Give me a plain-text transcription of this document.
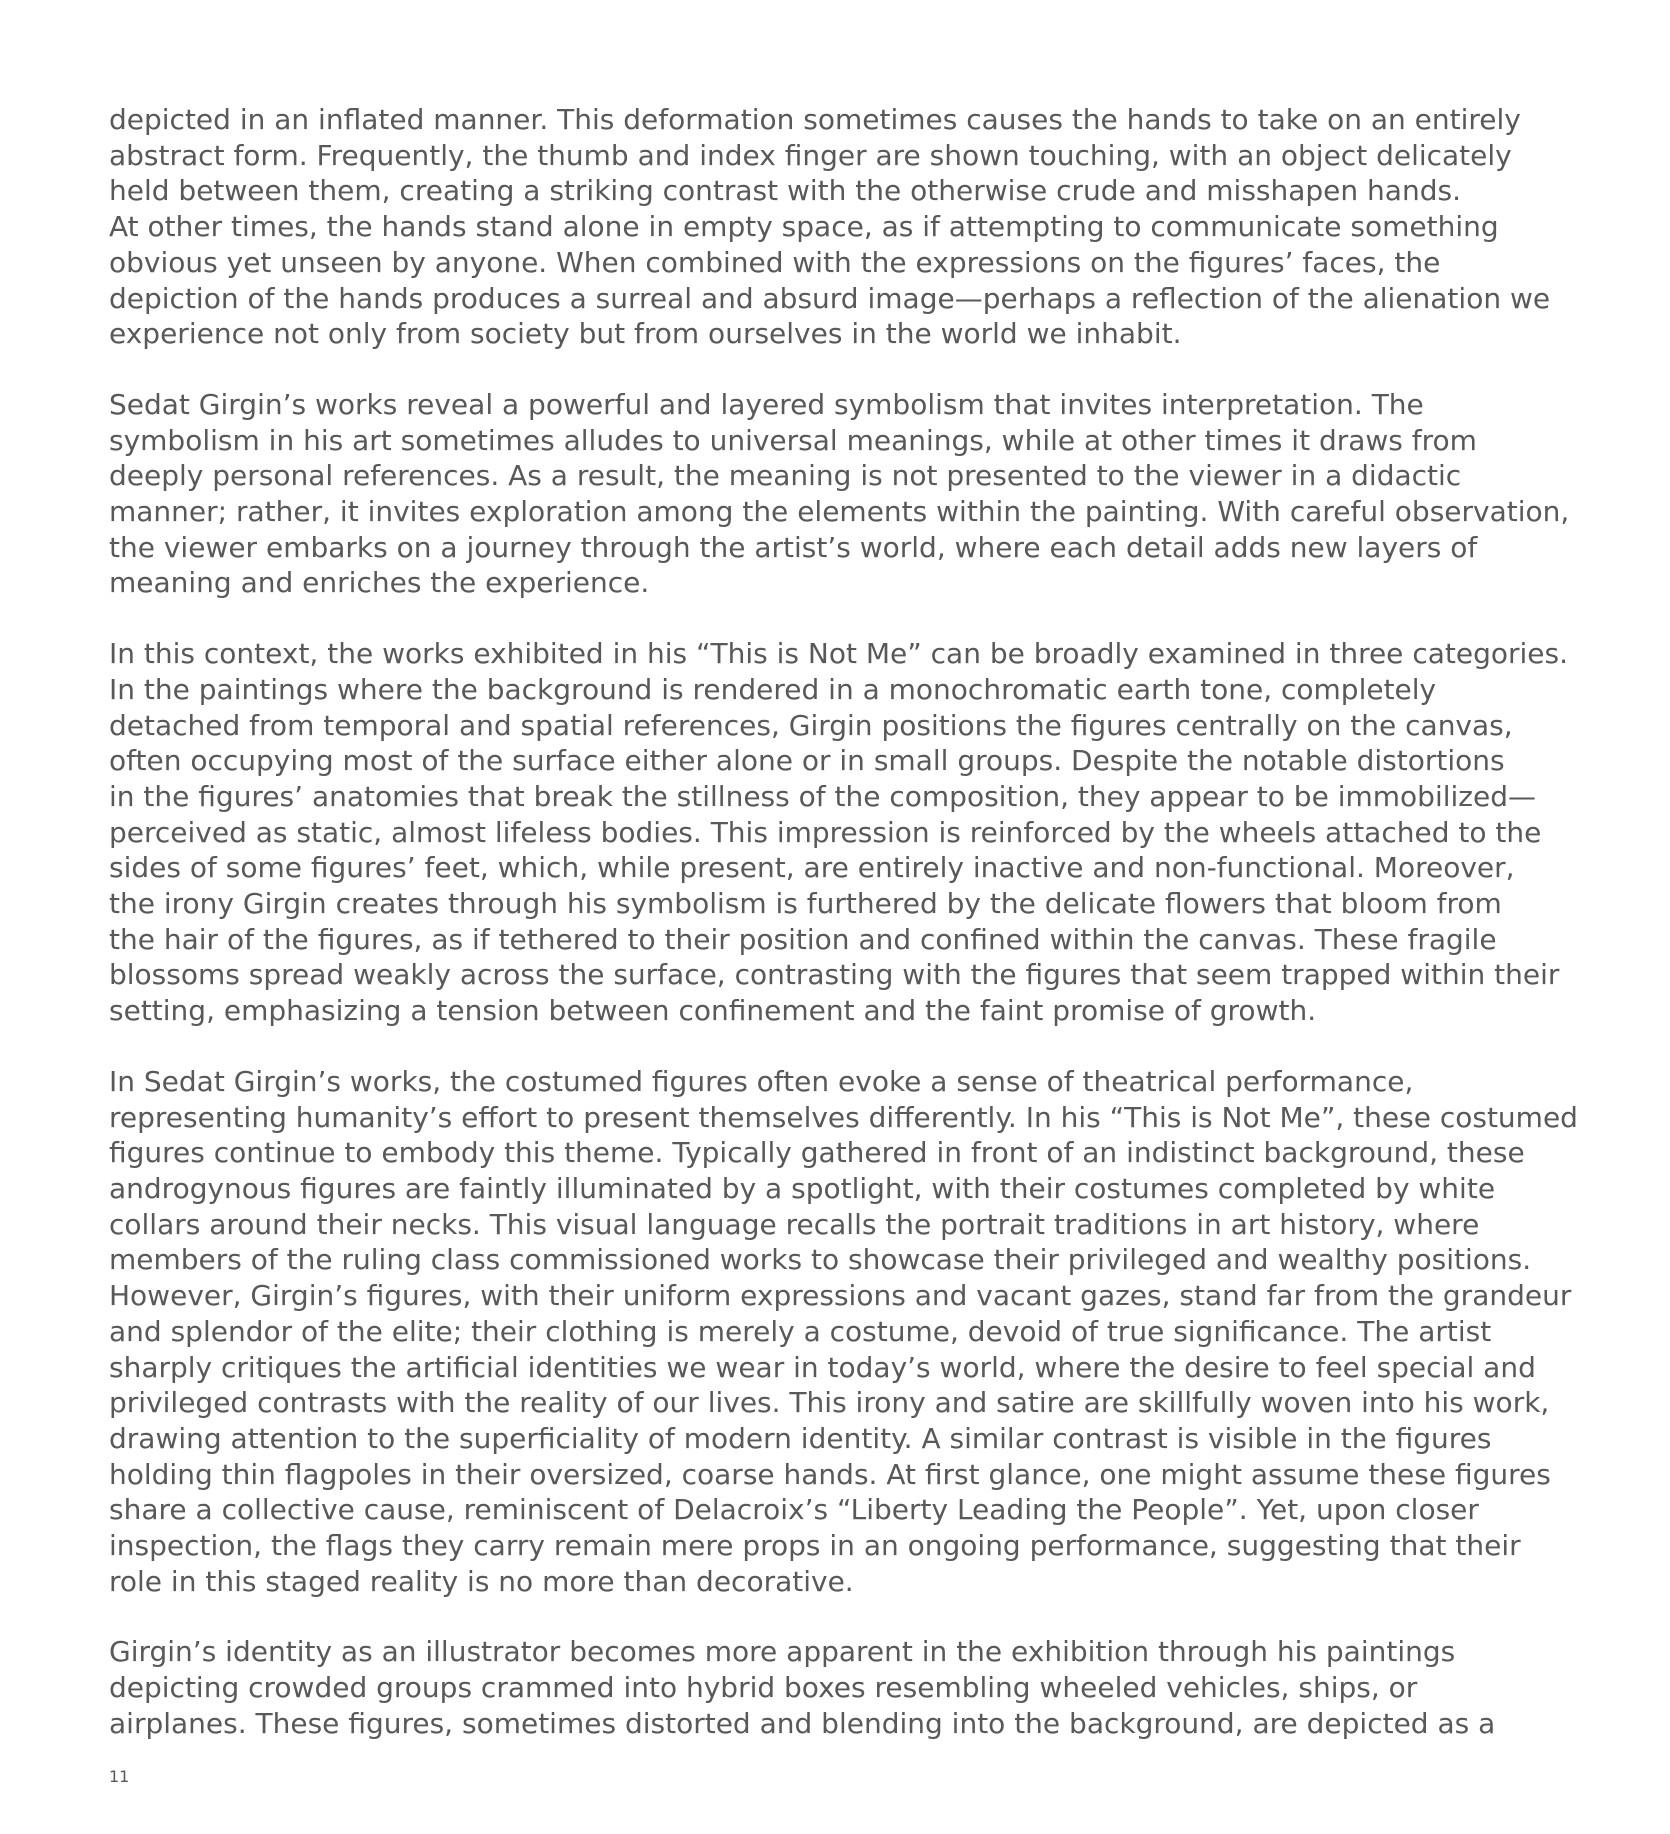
depicted in an inflated manner. This deformation sometimes causes the hands to take on an entirely
abstract form. Frequently, the thumb and index finger are shown touching, with an object delicately
held between them, creating a striking contrast with the otherwise crude and misshapen hands.
At other times, the hands stand alone in empty space, as if attempting to communicate something
obvious yet unseen by anyone. When combined with the expressions on the figures’ faces, the
depiction of the hands produces a surreal and absurd image—perhaps a reflection of the alienation we
experience not only from society but from ourselves in the world we inhabit.

Sedat Girgin’s works reveal a powerful and layered symbolism that invites interpretation. The
symbolism in his art sometimes alludes to universal meanings, while at other times it draws from
deeply personal references. As a result, the meaning is not presented to the viewer in a didactic
manner; rather, it invites exploration among the elements within the painting. With careful observation,
the viewer embarks on a journey through the artist’s world, where each detail adds new layers of
meaning and enriches the experience.

In this context, the works exhibited in his “This is Not Me” can be broadly examined in three categories.
In the paintings where the background is rendered in a monochromatic earth tone, completely
detached from temporal and spatial references, Girgin positions the figures centrally on the canvas,
often occupying most of the surface either alone or in small groups. Despite the notable distortions
in the figures’ anatomies that break the stillness of the composition, they appear to be immobilized—
perceived as static, almost lifeless bodies. This impression is reinforced by the wheels attached to the
sides of some figures’ feet, which, while present, are entirely inactive and non-functional. Moreover,
the irony Girgin creates through his symbolism is furthered by the delicate flowers that bloom from
the hair of the figures, as if tethered to their position and confined within the canvas. These fragile
blossoms spread weakly across the surface, contrasting with the figures that seem trapped within their
setting, emphasizing a tension between confinement and the faint promise of growth.

In Sedat Girgin’s works, the costumed figures often evoke a sense of theatrical performance,
representing humanity’s effort to present themselves differently. In his “This is Not Me”, these costumed
figures continue to embody this theme. Typically gathered in front of an indistinct background, these
androgynous figures are faintly illuminated by a spotlight, with their costumes completed by white
collars around their necks. This visual language recalls the portrait traditions in art history, where
members of the ruling class commissioned works to showcase their privileged and wealthy positions.
However, Girgin’s figures, with their uniform expressions and vacant gazes, stand far from the grandeur
and splendor of the elite; their clothing is merely a costume, devoid of true significance. The artist
sharply critiques the artificial identities we wear in today’s world, where the desire to feel special and
privileged contrasts with the reality of our lives. This irony and satire are skillfully woven into his work,
drawing attention to the superficiality of modern identity. A similar contrast is visible in the figures
holding thin flagpoles in their oversized, coarse hands. At first glance, one might assume these figures
share a collective cause, reminiscent of Delacroix’s “Liberty Leading the People”. Yet, upon closer
inspection, the flags they carry remain mere props in an ongoing performance, suggesting that their
role in this staged reality is no more than decorative.

Girgin’s identity as an illustrator becomes more apparent in the exhibition through his paintings
depicting crowded groups crammed into hybrid boxes resembling wheeled vehicles, ships, or
airplanes. These figures, sometimes distorted and blending into the background, are depicted as a

11
